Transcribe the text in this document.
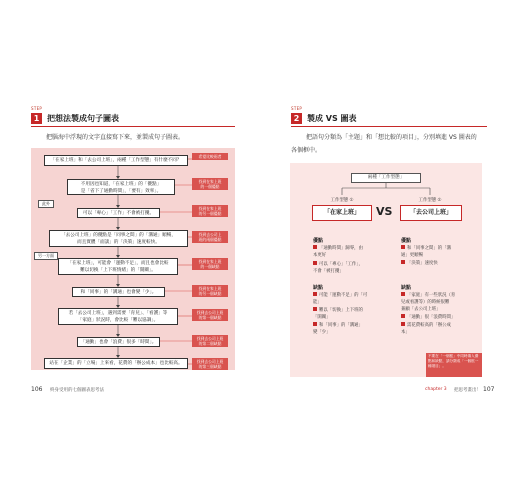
STEP
1 把想法製成句子圖表
把腦海中浮現的文字直接寫下來，並製成句子圖表。
「在家上班」和「去公司上班」，兩種「工作型態」有什麼不同？
不用因也知道，「在家上班」的「優點」
是「省下了通勤時間」，「要有」效率」。
可以「專心」「工作」不會被打擾。
「去公司上班」的優點是「同事之間」的「溝通」順暢，
而且實體「面談」的「決策」速度較快。
「在家上班」，可能會「運動不足」，而且也會比較
難以切換「上下班情緒」的「開關」。
和「同事」的「溝通」也會變「少」。
若「去公司上班」，遇到需要「育兒」、「看護」等
「家庭」狀況時，會比較「難以協調」。
「通勤」也會「浪費」很多「時間」。
站在「企業」的「立場」上來看，花費的「辦公成本」也比較高。
希望比較兩者
找到在家上班
的一個優點
找到在家上班
的另一個優點
找到去公司上
班的兩個優點
找到在家上班
的一個缺點
找到在家上班
的另一個缺點
找到去公司上班
的第一個缺點
找到去公司上班
的第二個缺點
找到去公司上班
的第三個缺點
此外
另一方面
106 終身受用的七個圖表思考法
STEP
2 製成 VS 圖表
把語句分類為「主題」和「想比較的項目」，分別填進 VS 圖表的
各個框中。
兩種「工作型態」
工作型態 ①	工作型態 ②
「在家上班」	「去公司上班」
VS
優點
「通勤時間」歸零，由
本更好
可以「專心」「工作」，
不會「被打擾」
缺點
可能「運動不足」的「可
能」
難以「切換」上下班的
「開關」
和「同事」的「溝通」
變「少」
優點
和「同事之間」的「溝
通」更順暢
「決策」速度快
缺點
「家庭」有一些狀況（育
兒或看護等）的時候很難
兼顧「去公司上班」
「通勤」很「浪費時間」
需花費較高的「辦公成
本」
不要在「一個框」中同時填入優點和缺點，請分類成「一個框一種項目」。
chapter 3 把思考畫出！ 107
